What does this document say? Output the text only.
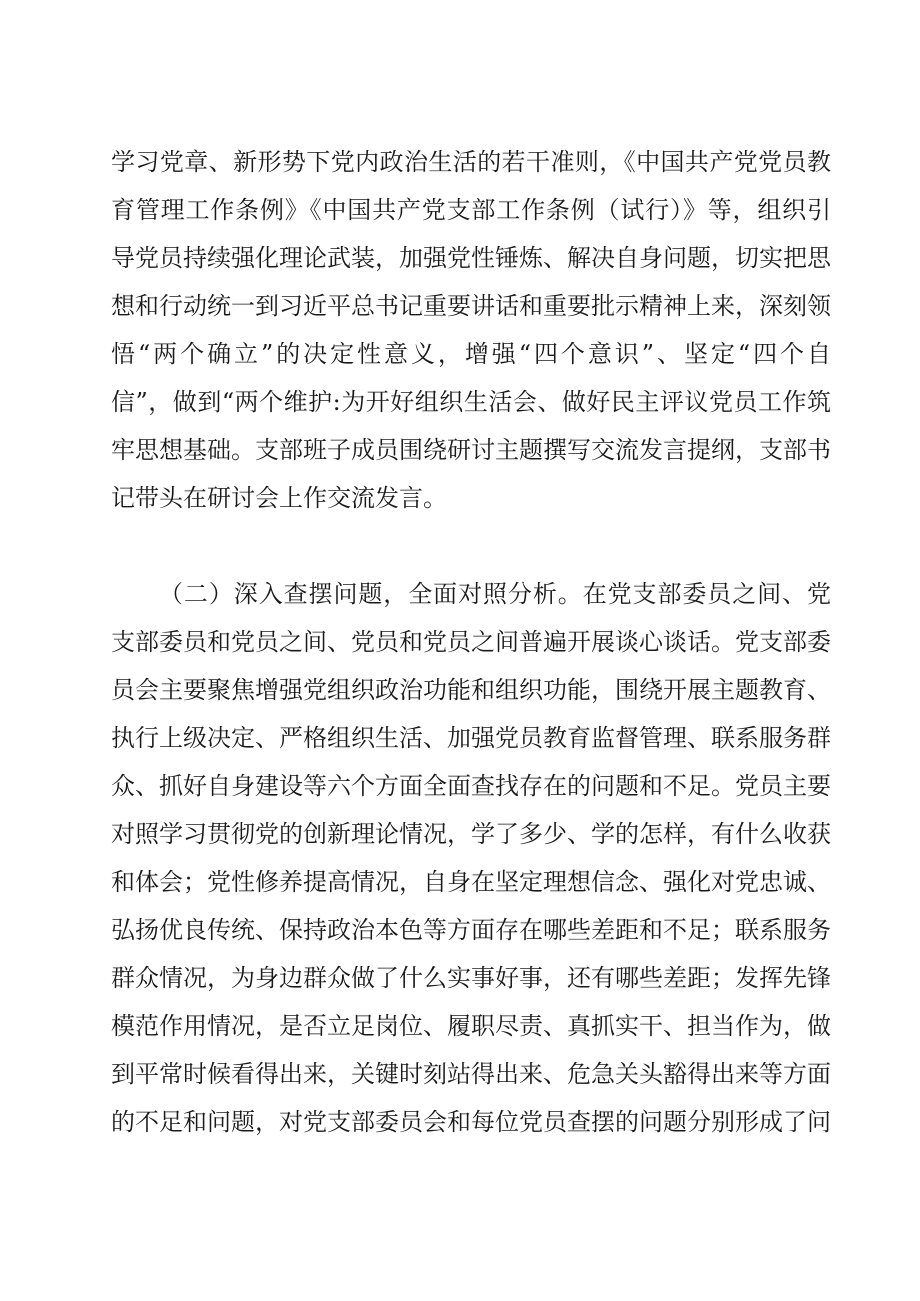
学习党章、新形势下党内政治生活的若干准则，《中国共产党党员教
育管理工作条例》《中国共产党支部工作条例（试行）》等，组织引
导党员持续强化理论武装，加强党性锤炼、解决自身问题，切实把思
想和行动统一到习近平总书记重要讲话和重要批示精神上来，深刻领
悟“两个确立”的决定性意义，增强“四个意识”、坚定“四个自
信”，做到“两个维护:为开好组织生活会、做好民主评议党员工作筑
牢思想基础。支部班子成员围绕研讨主题撰写交流发言提纲，支部书
记带头在研讨会上作交流发言。
（二）深入查摆问题，全面对照分析。在党支部委员之间、党
支部委员和党员之间、党员和党员之间普遍开展谈心谈话。党支部委
员会主要聚焦增强党组织政治功能和组织功能，围绕开展主题教育、
执行上级决定、严格组织生活、加强党员教育监督管理、联系服务群
众、抓好自身建设等六个方面全面查找存在的问题和不足。党员主要
对照学习贯彻党的创新理论情况，学了多少、学的怎样，有什么收获
和体会；党性修养提高情况，自身在坚定理想信念、强化对党忠诚、
弘扬优良传统、保持政治本色等方面存在哪些差距和不足；联系服务
群众情况，为身边群众做了什么实事好事，还有哪些差距；发挥先锋
模范作用情况，是否立足岗位、履职尽责、真抓实干、担当作为，做
到平常时候看得出来，关键时刻站得出来、危急关头豁得出来等方面
的不足和问题，对党支部委员会和每位党员查摆的问题分别形成了问
